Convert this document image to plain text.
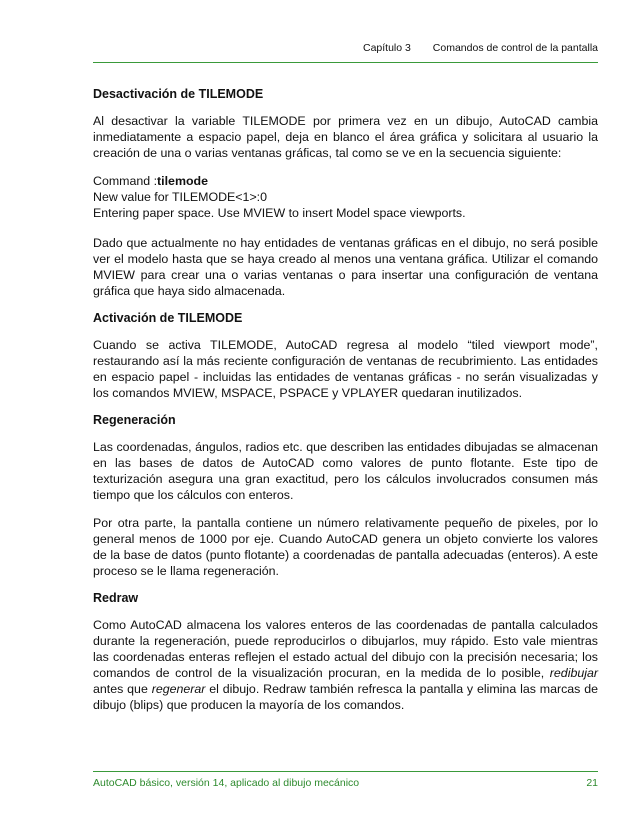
Capítulo 3 Comandos de control de la pantalla
Desactivación de TILEMODE

Al desactivar la variable TILEMODE por primera vez en un dibujo, AutoCAD cambia inmediatamente a espacio papel, deja en blanco el área gráfica y solicitara al usuario la creación de una o varias ventanas gráficas, tal como se ve en la secuencia siguiente:

Command :tilemode
New value for TILEMODE<1>:0
Entering paper space. Use MVIEW to insert Model space viewports.

Dado que actualmente no hay entidades de ventanas gráficas en el dibujo, no será posible ver el modelo hasta que se haya creado al menos una ventana gráfica. Utilizar el comando MVIEW para crear una o varias ventanas o para insertar una configuración de ventana gráfica que haya sido almacenada.

Activación de TILEMODE

Cuando se activa TILEMODE, AutoCAD regresa al modelo “tiled viewport mode”, restaurando así la más reciente configuración de ventanas de recubrimiento. Las entidades en espacio papel - incluidas las entidades de ventanas gráficas - no serán visualizadas y los comandos MVIEW, MSPACE, PSPACE y VPLAYER quedaran inutilizados.

Regeneración

Las coordenadas, ángulos, radios etc. que describen las entidades dibujadas se almacenan en las bases de datos de AutoCAD como valores de punto flotante. Este tipo de texturización asegura una gran exactitud, pero los cálculos involucrados consumen más tiempo que los cálculos con enteros.

Por otra parte, la pantalla contiene un número relativamente pequeño de pixeles, por lo general menos de 1000 por eje. Cuando AutoCAD genera un objeto convierte los valores de la base de datos (punto flotante) a coordenadas de pantalla adecuadas (enteros). A este proceso se le llama regeneración.

Redraw

Como AutoCAD almacena los valores enteros de las coordenadas de pantalla calculados durante la regeneración, puede reproducirlos o dibujarlos, muy rápido. Esto vale mientras las coordenadas enteras reflejen el estado actual del dibujo con la precisión necesaria; los comandos de control de la visualización procuran, en la medida de lo posible, redibujar antes que regenerar el dibujo. Redraw también refresca la pantalla y elimina las marcas de dibujo (blips) que producen la mayoría de los comandos.

AutoCAD básico, versión 14, aplicado al dibujo mecánico	21
